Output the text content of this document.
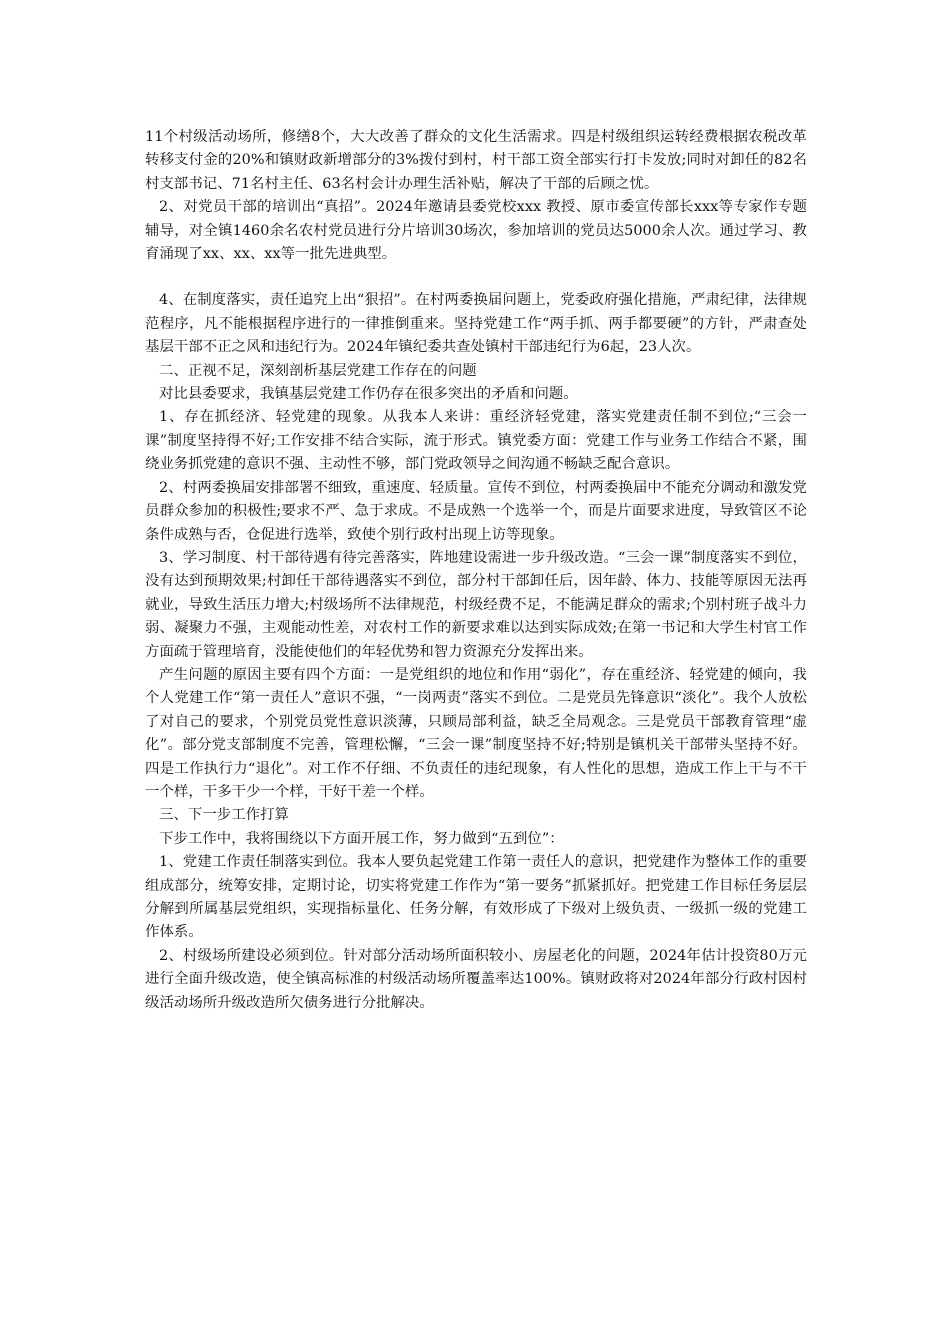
11个村级活动场所，修缮8个，大大改善了群众的文化生活需求。四是村级组织运转经费根据农税改革转移支付金的20%和镇财政新增部分的3%拨付到村，村干部工资全部实行打卡发放;同时对卸任的82名村支部书记、71名村主任、63名村会计办理生活补贴，解决了干部的后顾之忧。

2、对党员干部的培训出“真招”。2024年邀请县委党校xxx 教授、原市委宣传部长xxx等专家作专题辅导，对全镇1460余名农村党员进行分片培训30场次，参加培训的党员达5000余人次。通过学习、教育涌现了xx、xx、xx等一批先进典型。

4、在制度落实，责任追究上出“狠招”。在村两委换届问题上，党委政府强化措施，严肃纪律，法律规范程序，凡不能根据程序进行的一律推倒重来。坚持党建工作“两手抓、两手都要硬”的方针，严肃查处基层干部不正之风和违纪行为。2024年镇纪委共查处镇村干部违纪行为6起，23人次。

二、正视不足，深刻剖析基层党建工作存在的问题

对比县委要求，我镇基层党建工作仍存在很多突出的矛盾和问题。

1、存在抓经济、轻党建的现象。从我本人来讲：重经济轻党建，落实党建责任制不到位;“三会一课”制度坚持得不好;工作安排不结合实际，流于形式。镇党委方面：党建工作与业务工作结合不紧，围绕业务抓党建的意识不强、主动性不够，部门党政领导之间沟通不畅缺乏配合意识。

2、村两委换届安排部署不细致，重速度、轻质量。宣传不到位，村两委换届中不能充分调动和激发党员群众参加的积极性;要求不严、急于求成。不是成熟一个选举一个，而是片面要求进度，导致管区不论条件成熟与否，仓促进行选举，致使个别行政村出现上访等现象。

3、学习制度、村干部待遇有待完善落实，阵地建设需进一步升级改造。“三会一课”制度落实不到位，没有达到预期效果;村卸任干部待遇落实不到位，部分村干部卸任后，因年龄、体力、技能等原因无法再就业，导致生活压力增大;村级场所不法律规范，村级经费不足，不能满足群众的需求;个别村班子战斗力弱、凝聚力不强，主观能动性差，对农村工作的新要求难以达到实际成效;在第一书记和大学生村官工作方面疏于管理培育，没能使他们的年轻优势和智力资源充分发挥出来。

产生问题的原因主要有四个方面：一是党组织的地位和作用“弱化”，存在重经济、轻党建的倾向，我个人党建工作“第一责任人”意识不强，“一岗两责”落实不到位。二是党员先锋意识“淡化”。我个人放松了对自己的要求，个别党员党性意识淡薄，只顾局部利益，缺乏全局观念。三是党员干部教育管理“虚化”。部分党支部制度不完善，管理松懈，“三会一课”制度坚持不好;特别是镇机关干部带头坚持不好。四是工作执行力“退化”。对工作不仔细、不负责任的违纪现象，有人性化的思想，造成工作上干与不干一个样，干多干少一个样，干好干差一个样。

三、下一步工作打算

下步工作中，我将围绕以下方面开展工作，努力做到“五到位”：

1、党建工作责任制落实到位。我本人要负起党建工作第一责任人的意识，把党建作为整体工作的重要组成部分，统筹安排，定期讨论，切实将党建工作作为“第一要务”抓紧抓好。把党建工作目标任务层层分解到所属基层党组织，实现指标量化、任务分解，有效形成了下级对上级负责、一级抓一级的党建工作体系。

2、村级场所建设必须到位。针对部分活动场所面积较小、房屋老化的问题，2024年估计投资80万元进行全面升级改造，使全镇高标准的村级活动场所覆盖率达100%。镇财政将对2024年部分行政村因村级活动场所升级改造所欠债务进行分批解决。
